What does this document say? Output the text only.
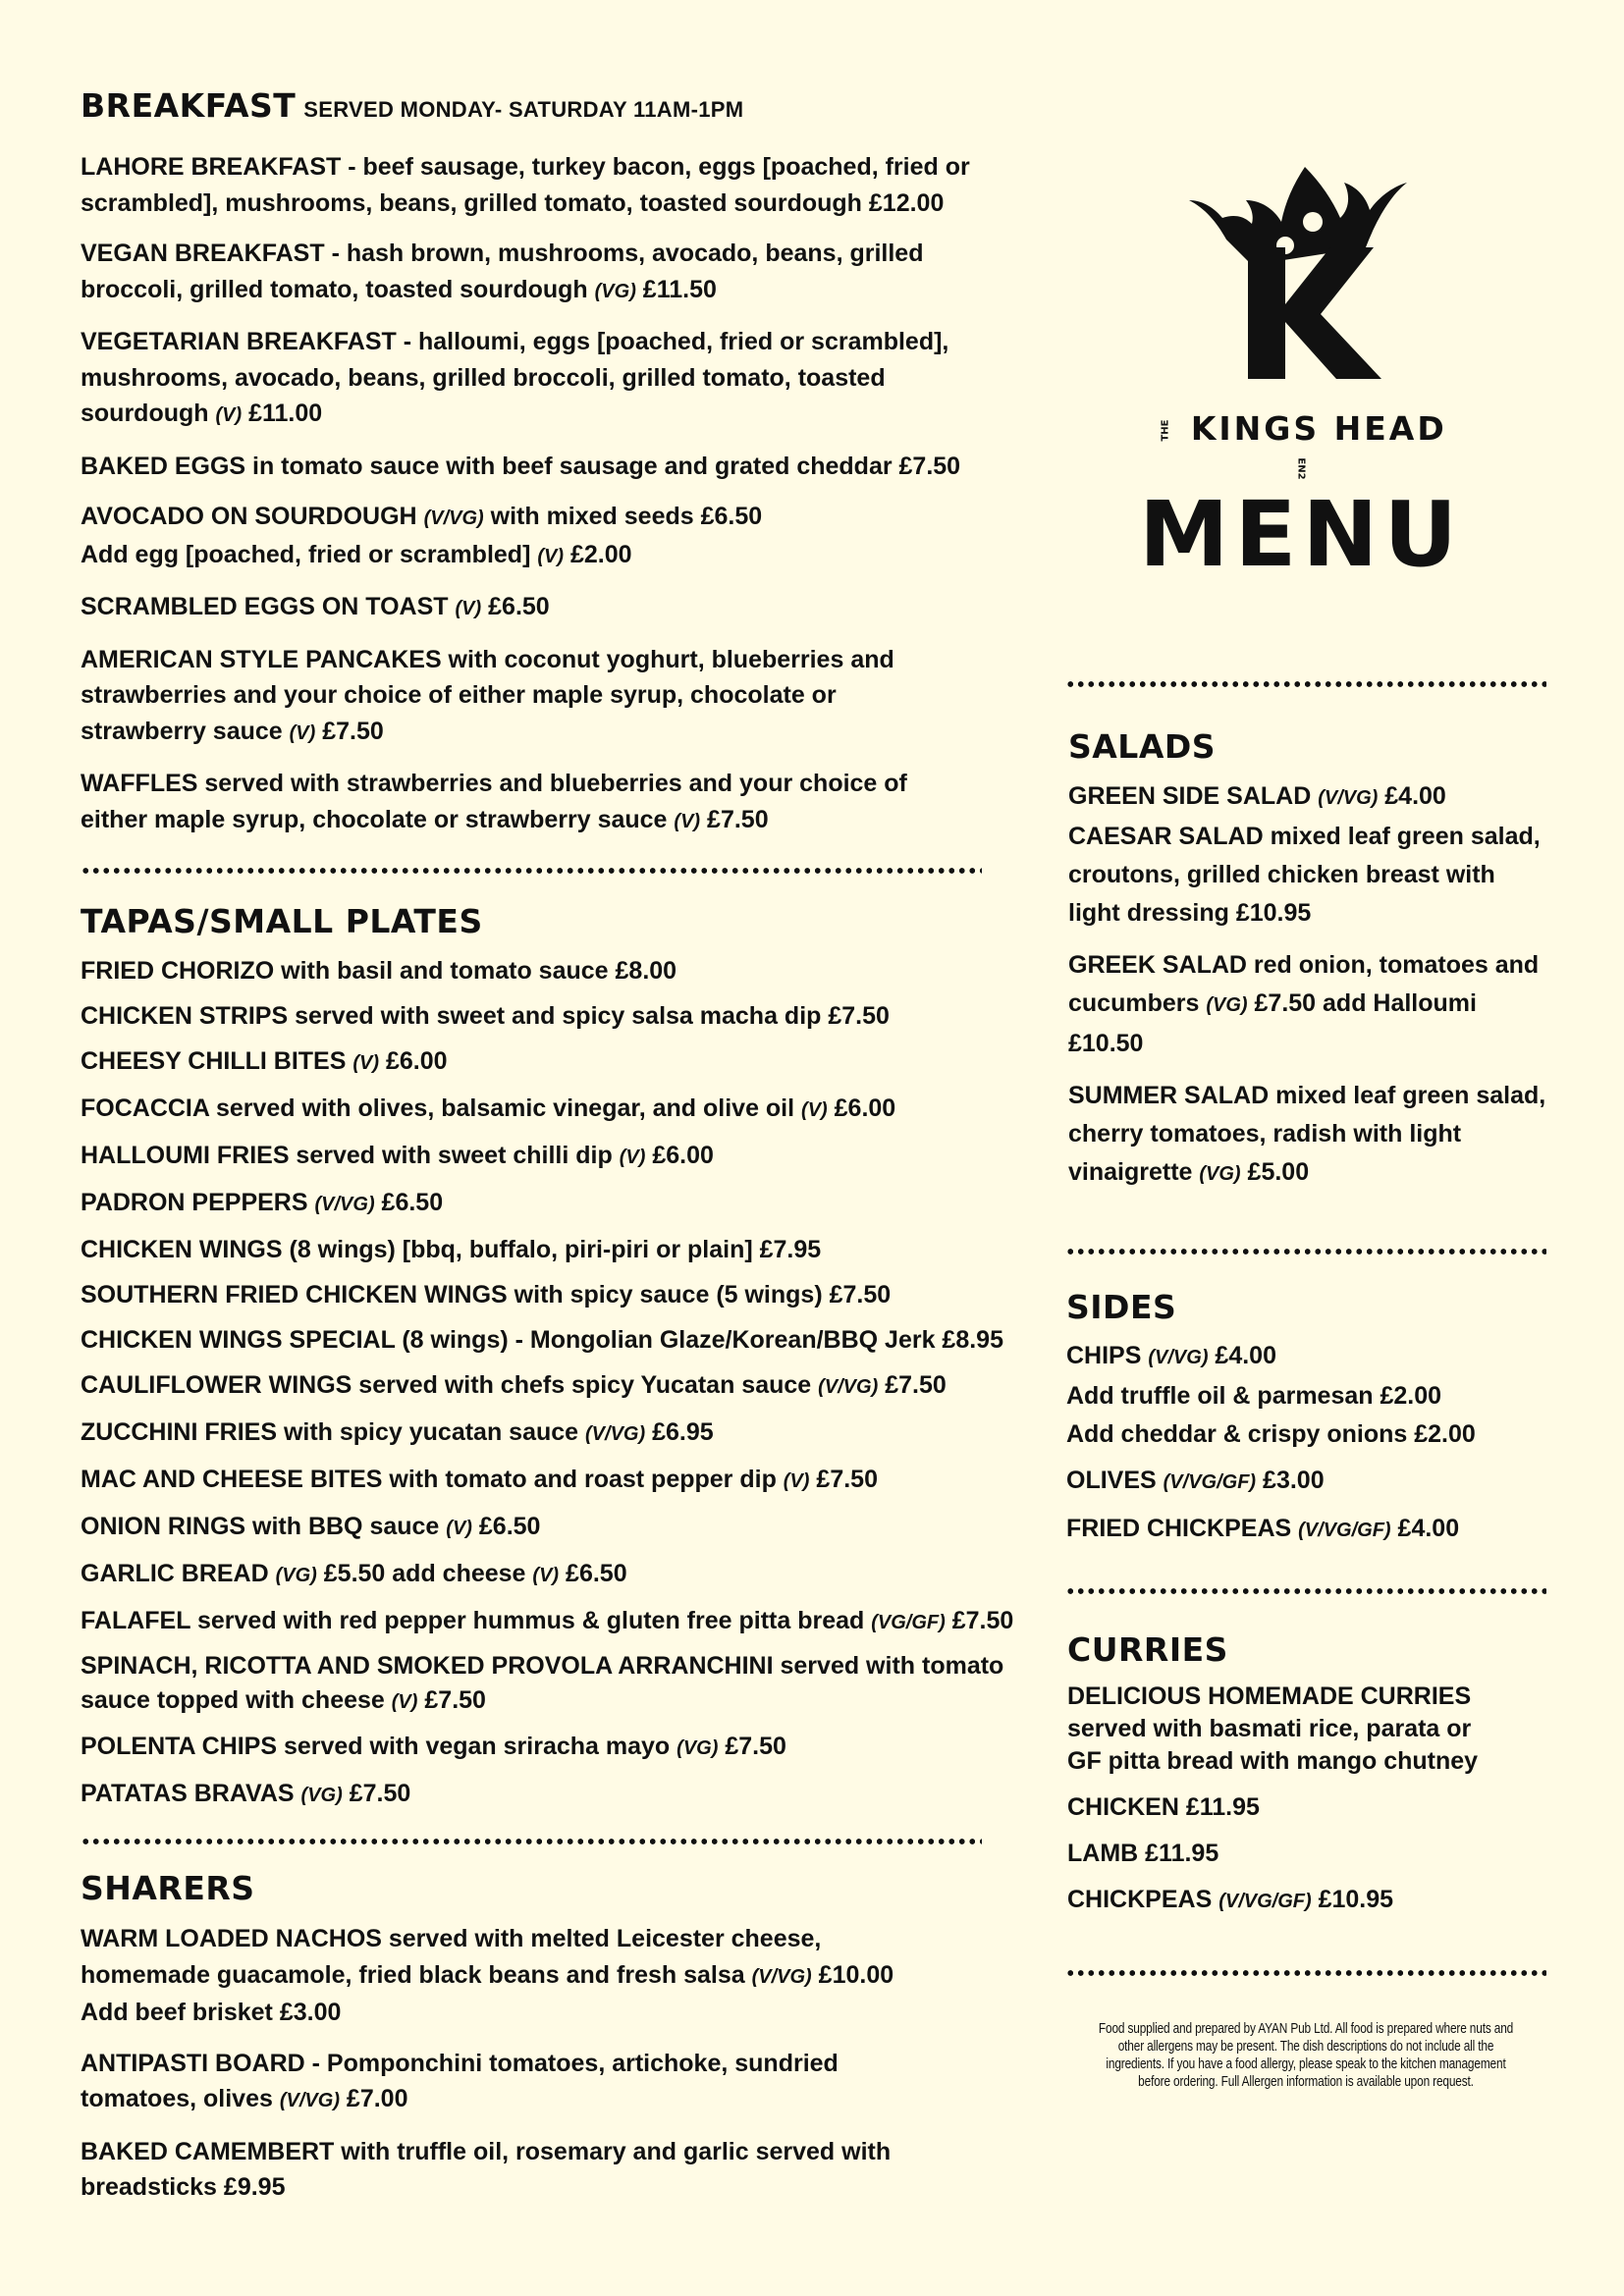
BREAKFAST SERVED MONDAY- SATURDAY 11AM-1PM
LAHORE BREAKFAST - beef sausage, turkey bacon, eggs [poached, fried or
scrambled], mushrooms, beans, grilled tomato, toasted sourdough £12.00
VEGAN BREAKFAST - hash brown, mushrooms, avocado, beans, grilled
broccoli, grilled tomato, toasted sourdough (VG) £11.50
VEGETARIAN BREAKFAST - halloumi, eggs [poached, fried or scrambled],
mushrooms, avocado, beans, grilled broccoli, grilled tomato, toasted
sourdough (V) £11.00
BAKED EGGS in tomato sauce with beef sausage and grated cheddar £7.50
AVOCADO ON SOURDOUGH (V/VG) with mixed seeds £6.50
Add egg [poached, fried or scrambled] (V) £2.00
SCRAMBLED EGGS ON TOAST (V) £6.50
AMERICAN STYLE PANCAKES with coconut yoghurt, blueberries and
strawberries and your choice of either maple syrup, chocolate or
strawberry sauce (V) £7.50
WAFFLES served with strawberries and blueberries and your choice of
either maple syrup, chocolate or strawberry sauce (V) £7.50
TAPAS/SMALL PLATES
FRIED CHORIZO with basil and tomato sauce £8.00
CHICKEN STRIPS served with sweet and spicy salsa macha dip £7.50
CHEESY CHILLI BITES (V) £6.00
FOCACCIA served with olives, balsamic vinegar, and olive oil (V) £6.00
HALLOUMI FRIES served with sweet chilli dip (V) £6.00
PADRON PEPPERS (V/VG) £6.50
CHICKEN WINGS (8 wings) [bbq, buffalo, piri-piri or plain] £7.95
SOUTHERN FRIED CHICKEN WINGS with spicy sauce (5 wings) £7.50
CHICKEN WINGS SPECIAL (8 wings) - Mongolian Glaze/Korean/BBQ Jerk £8.95
CAULIFLOWER WINGS served with chefs spicy Yucatan sauce (V/VG) £7.50
ZUCCHINI FRIES with spicy yucatan sauce (V/VG) £6.95
MAC AND CHEESE BITES with tomato and roast pepper dip (V) £7.50
ONION RINGS with BBQ sauce (V) £6.50
GARLIC BREAD (VG) £5.50 add cheese (V) £6.50
FALAFEL served with red pepper hummus & gluten free pitta bread (VG/GF) £7.50
SPINACH, RICOTTA AND SMOKED PROVOLA ARRANCHINI served with tomato
sauce topped with cheese (V) £7.50
POLENTA CHIPS served with vegan sriracha mayo (VG) £7.50
PATATAS BRAVAS (VG) £7.50
SHARERS
WARM LOADED NACHOS served with melted Leicester cheese,
homemade guacamole, fried black beans and fresh salsa (V/VG) £10.00
Add beef brisket £3.00
ANTIPASTI BOARD - Pomponchini tomatoes, artichoke, sundried
tomatoes, olives (V/VG) £7.00
BAKED CAMEMBERT with truffle oil, rosemary and garlic served with
breadsticks £9.95
THE KINGS HEAD EN2
MENU
SALADS
GREEN SIDE SALAD (V/VG) £4.00
CAESAR SALAD mixed leaf green salad,
croutons, grilled chicken breast with
light dressing £10.95
GREEK SALAD red onion, tomatoes and
cucumbers (VG) £7.50 add Halloumi
£10.50
SUMMER SALAD mixed leaf green salad,
cherry tomatoes, radish with light
vinaigrette (VG) £5.00
SIDES
CHIPS (V/VG) £4.00
Add truffle oil & parmesan £2.00
Add cheddar & crispy onions £2.00
OLIVES (V/VG/GF) £3.00
FRIED CHICKPEAS (V/VG/GF) £4.00
CURRIES
DELICIOUS HOMEMADE CURRIES
served with basmati rice, parata or
GF pitta bread with mango chutney
CHICKEN £11.95
LAMB £11.95
CHICKPEAS (V/VG/GF) £10.95
Food supplied and prepared by AYAN Pub Ltd. All food is prepared where nuts and
other allergens may be present. The dish descriptions do not include all the
ingredients. If you have a food allergy, please speak to the kitchen management
before ordering. Full Allergen information is available upon request.
